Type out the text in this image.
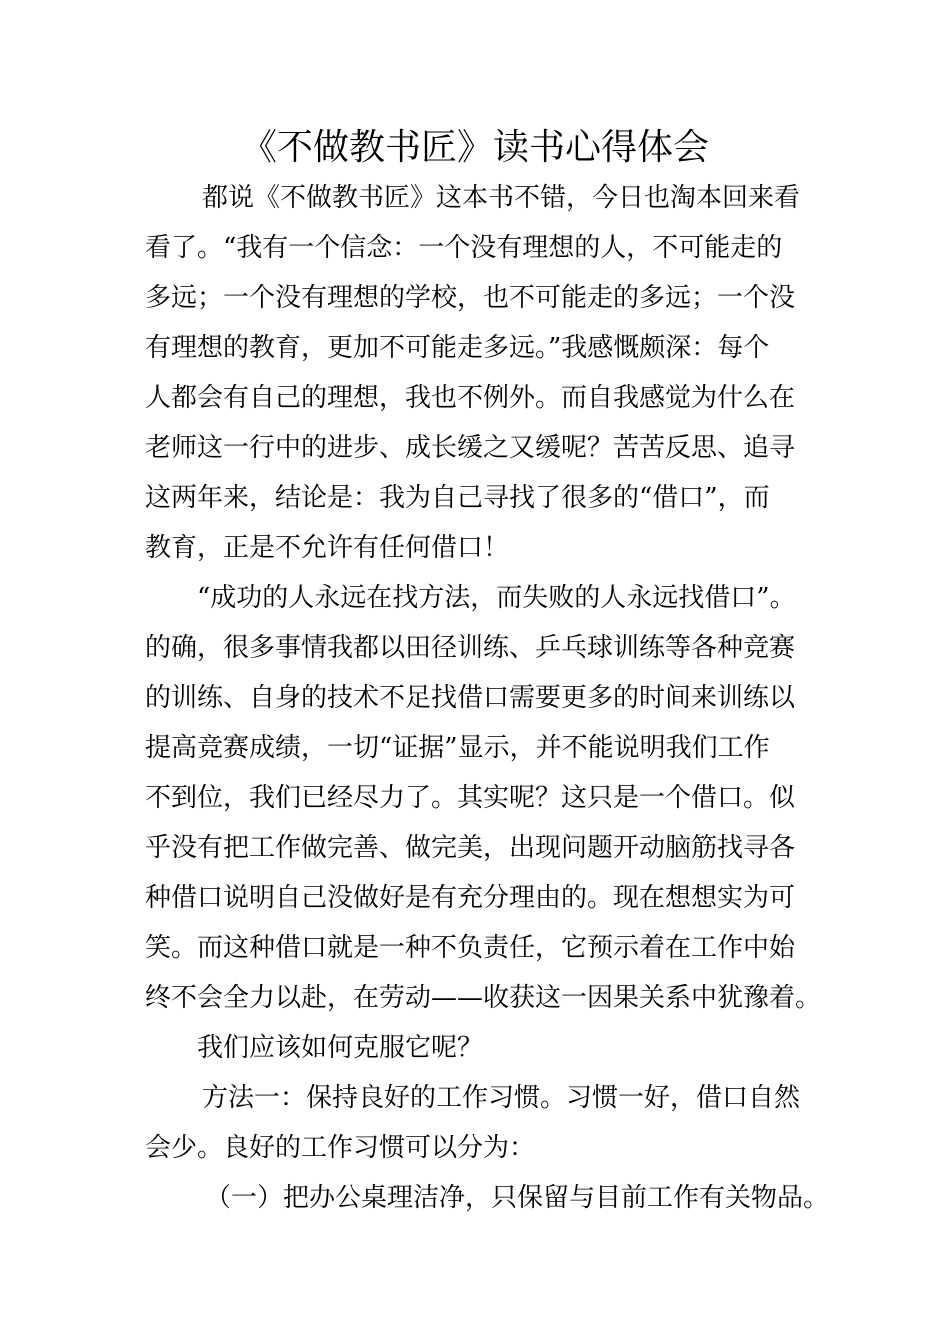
《不做教书匠》读书心得体会
都说《不做教书匠》这本书不错，今日也淘本回来看
看了。“我有一个信念：一个没有理想的人，不可能走的
多远；一个没有理想的学校，也不可能走的多远；一个没
有理想的教育，更加不可能走多远。”我感慨颇深：每个
人都会有自己的理想，我也不例外。而自我感觉为什么在
老师这一行中的进步、成长缓之又缓呢？苦苦反思、追寻
这两年来，结论是：我为自己寻找了很多的“借口”，而
教育，正是不允许有任何借口！
“成功的人永远在找方法，而失败的人永远找借口”。
的确，很多事情我都以田径训练、乒乓球训练等各种竞赛
的训练、自身的技术不足找借口需要更多的时间来训练以
提高竞赛成绩，一切“证据”显示，并不能说明我们工作
不到位，我们已经尽力了。其实呢？这只是一个借口。似
乎没有把工作做完善、做完美，出现问题开动脑筋找寻各
种借口说明自己没做好是有充分理由的。现在想想实为可
笑。而这种借口就是一种不负责任，它预示着在工作中始
终不会全力以赴，在劳动——收获这一因果关系中犹豫着。
我们应该如何克服它呢？
方法一：保持良好的工作习惯。习惯一好，借口自然
会少。良好的工作习惯可以分为：
（一）把办公桌理洁净，只保留与目前工作有关物品。
